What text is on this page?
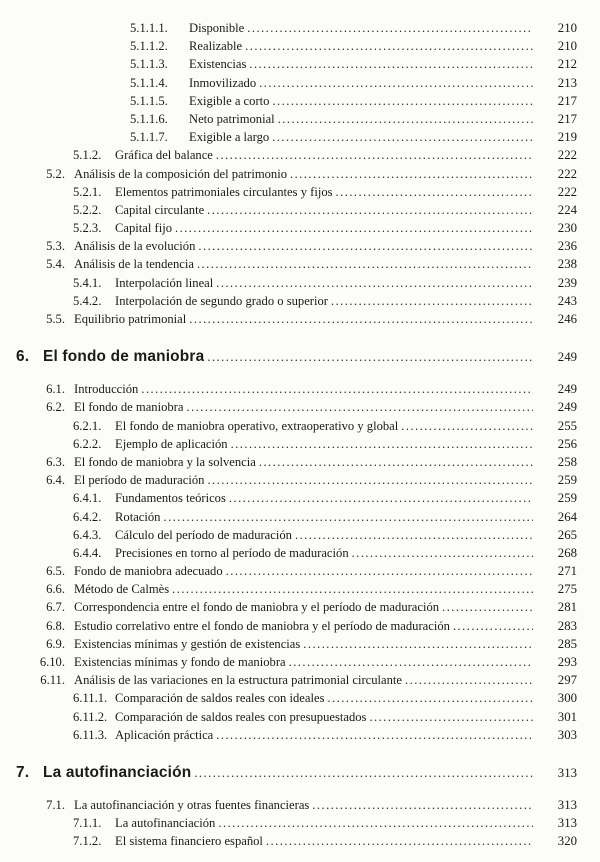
5.1.1.1.	Disponible .....	210
5.1.1.2.	Realizable .....	210
5.1.1.3.	Existencias .....	212
5.1.1.4.	Inmovilizado .....	213
5.1.1.5.	Exigible a corto .....	217
5.1.1.6.	Neto patrimonial .....	217
5.1.1.7.	Exigible a largo .....	219
5.1.2.	Gráfica del balance .....	222
5.2. Análisis de la composición del patrimonio .....	222
5.2.1.	Elementos patrimoniales circulantes y fijos .....	222
5.2.2.	Capital circulante .....	224
5.2.3.	Capital fijo .....	230
5.3. Análisis de la evolución .....	236
5.4. Análisis de la tendencia .....	238
5.4.1.	Interpolación lineal .....	239
5.4.2.	Interpolación de segundo grado o superior .....	243
5.5. Equilibrio patrimonial .....	246
6. El fondo de maniobra .....	249
6.1. Introducción .....	249
6.2. El fondo de maniobra .....	249
6.2.1.	El fondo de maniobra operativo, extraoperativo y global .....	255
6.2.2.	Ejemplo de aplicación .....	256
6.3. El fondo de maniobra y la solvencia .....	258
6.4. El período de maduración .....	259
6.4.1.	Fundamentos teóricos .....	259
6.4.2.	Rotación .....	264
6.4.3.	Cálculo del período de maduración .....	265
6.4.4.	Precisiones en torno al período de maduración .....	268
6.5. Fondo de maniobra adecuado .....	271
6.6. Método de Calmès .....	275
6.7. Correspondencia entre el fondo de maniobra y el período de maduración .....	281
6.8. Estudio correlativo entre el fondo de maniobra y el período de maduración .....	283
6.9. Existencias mínimas y gestión de existencias .....	285
6.10. Existencias mínimas y fondo de maniobra .....	293
6.11. Análisis de las variaciones en la estructura patrimonial circulante .....	297
6.11.1. Comparación de saldos reales con ideales .....	300
6.11.2. Comparación de saldos reales con presupuestados .....	301
6.11.3. Aplicación práctica .....	303
7. La autofinanciación .....	313
7.1. La autofinanciación y otras fuentes financieras .....	313
7.1.1.	La autofinanciación .....	313
7.1.2.	El sistema financiero español .....	320
